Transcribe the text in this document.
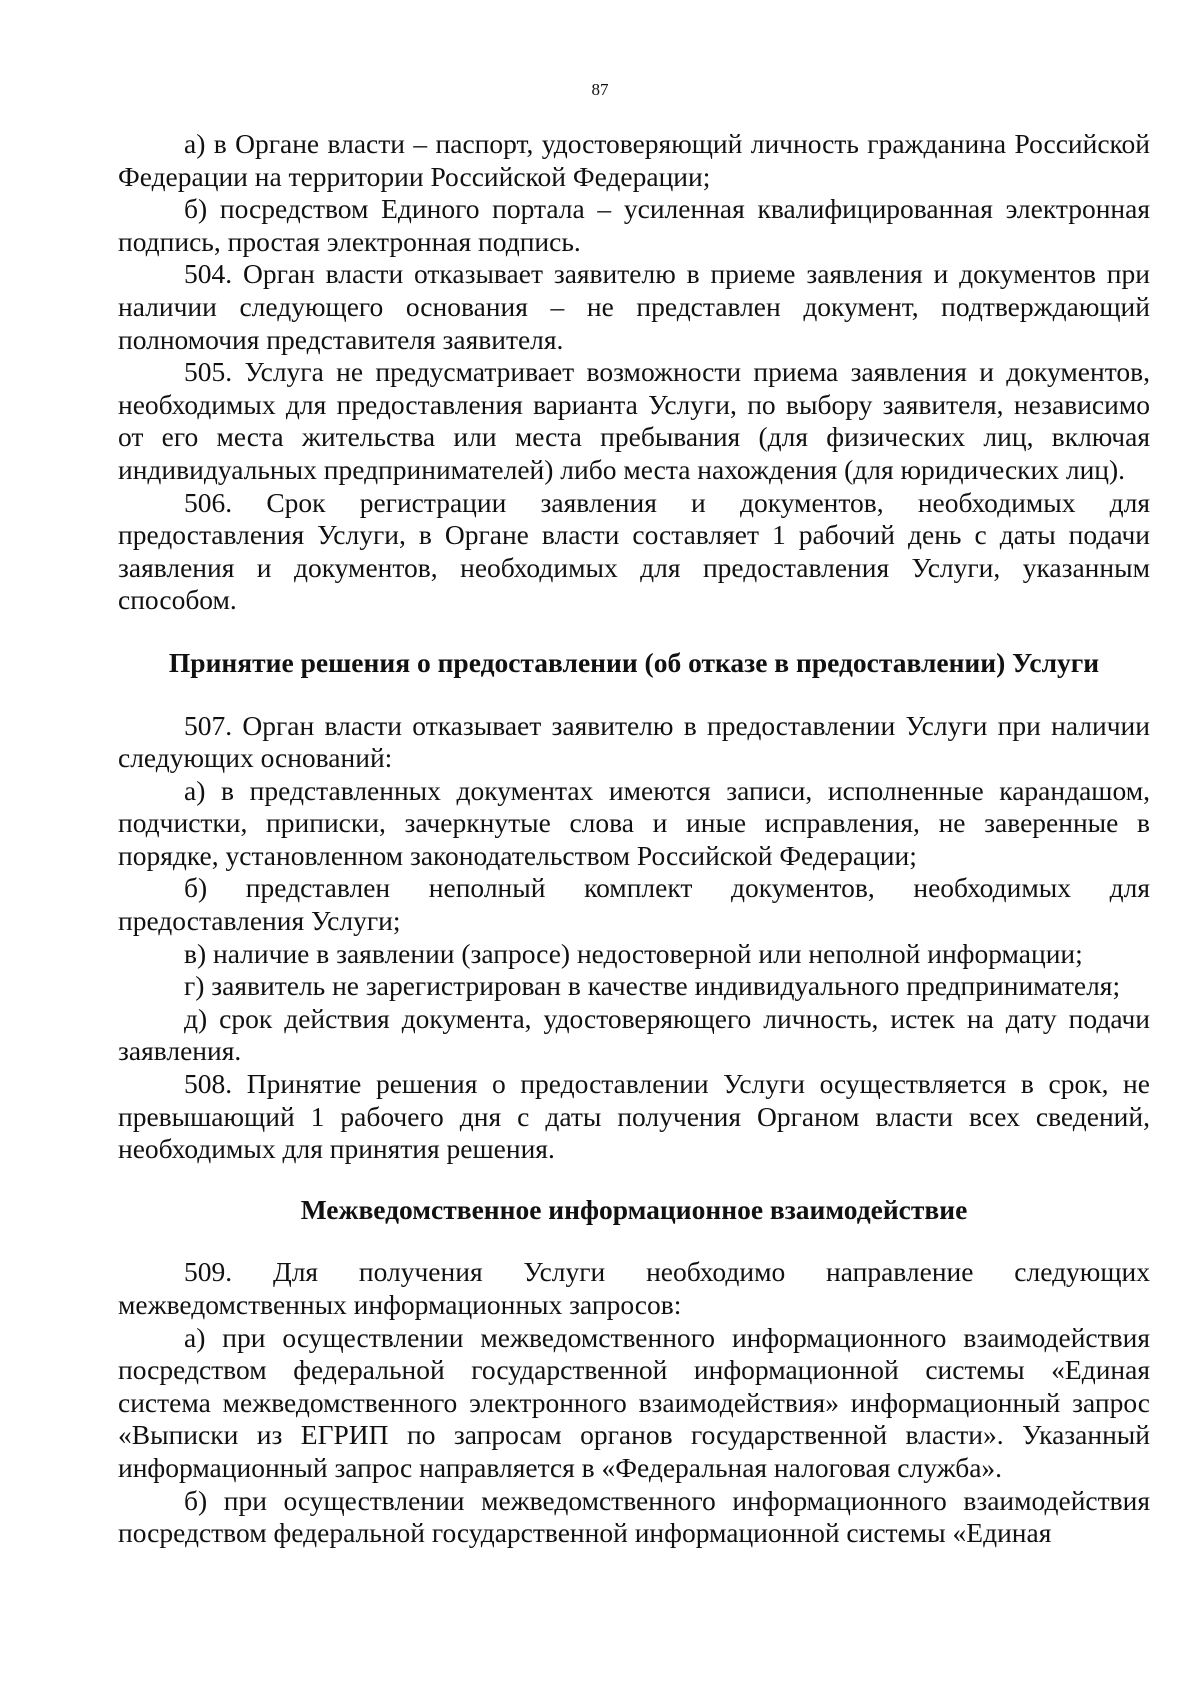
87

а) в Органе власти – паспорт, удостоверяющий личность гражданина Российской Федерации на территории Российской Федерации;

б) посредством Единого портала – усиленная квалифицированная электронная подпись, простая электронная подпись.

504. Орган власти отказывает заявителю в приеме заявления и документов при наличии следующего основания – не представлен документ, подтверждающий полномочия представителя заявителя.

505. Услуга не предусматривает возможности приема заявления и документов, необходимых для предоставления варианта Услуги, по выбору заявителя, независимо от его места жительства или места пребывания (для физических лиц, включая индивидуальных предпринимателей) либо места нахождения (для юридических лиц).

506. Срок регистрации заявления и документов, необходимых для предоставления Услуги, в Органе власти составляет 1 рабочий день с даты подачи заявления и документов, необходимых для предоставления Услуги, указанным способом.

Принятие решения о предоставлении (об отказе в предоставлении) Услуги

507. Орган власти отказывает заявителю в предоставлении Услуги при наличии следующих оснований:

а) в представленных документах имеются записи, исполненные карандашом, подчистки, приписки, зачеркнутые слова и иные исправления, не заверенные в порядке, установленном законодательством Российской Федерации;

б) представлен неполный комплект документов, необходимых для предоставления Услуги;

в) наличие в заявлении (запросе) недостоверной или неполной информации;

г) заявитель не зарегистрирован в качестве индивидуального предпринимателя;

д) срок действия документа, удостоверяющего личность, истек на дату подачи заявления.

508. Принятие решения о предоставлении Услуги осуществляется в срок, не превышающий 1 рабочего дня с даты получения Органом власти всех сведений, необходимых для принятия решения.

Межведомственное информационное взаимодействие

509. Для получения Услуги необходимо направление следующих межведомственных информационных запросов:

а) при осуществлении межведомственного информационного взаимодействия посредством федеральной государственной информационной системы «Единая система межведомственного электронного взаимодействия» информационный запрос «Выписки из ЕГРИП по запросам органов государственной власти». Указанный информационный запрос направляется в «Федеральная налоговая служба».

б) при осуществлении межведомственного информационного взаимодействия посредством федеральной государственной информационной системы «Единая
